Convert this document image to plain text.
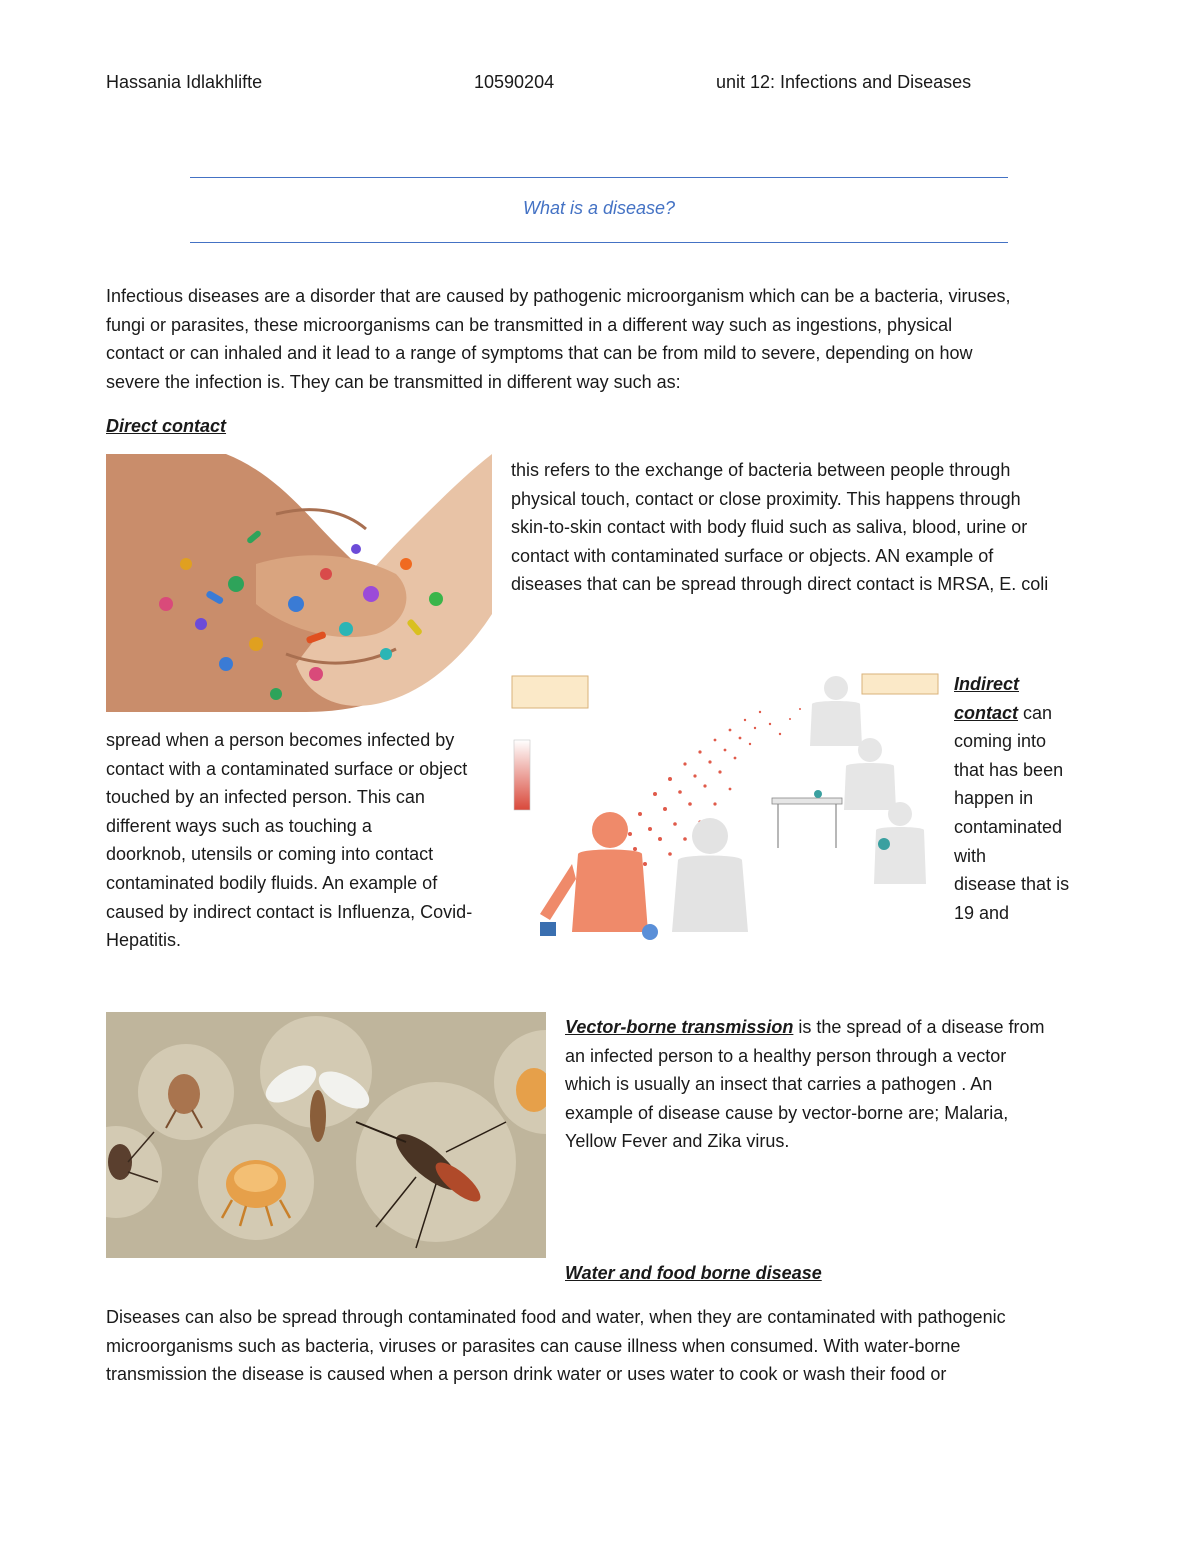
Hassania Idlakhlifte	10590204	unit 12: Infections and Diseases
What is a disease?
Infectious diseases are a disorder that are caused by pathogenic microorganism which can be a bacteria, viruses,
fungi or parasites, these microorganisms can be transmitted in a different way such as ingestions, physical
contact or can inhaled and it lead to a range of symptoms that can be from mild to severe, depending on how
severe the infection is. They can be transmitted in different way such as:
Direct contact
this refers to the exchange of bacteria between people through
physical touch, contact or close proximity. This happens through
skin-to-skin contact with body fluid such as saliva, blood, urine or
contact with contaminated surface or objects. AN example of
diseases that can be spread through direct contact is MRSA, E. coli
spread when a person becomes infected by
contact with a contaminated surface or object
touched by an infected person. This can
different ways such as touching a
doorknob, utensils or coming into contact
contaminated bodily fluids. An example of
caused by indirect contact is Influenza, Covid-
Hepatitis.
Indirect
contact can
coming into
that has been
happen in
contaminated
with
disease that is
19 and
Vector-borne transmission is the spread of a disease from
an infected person to a healthy person through a vector
which is usually an insect that carries a pathogen . An
example of disease cause by vector-borne are; Malaria,
Yellow Fever and Zika virus.
Water and food borne disease
Diseases can also be spread through contaminated food and water, when they are contaminated with pathogenic
microorganisms such as bacteria, viruses or parasites can cause illness when consumed. With water-borne
transmission the disease is caused when a person drink water or uses water to cook or wash their food or
